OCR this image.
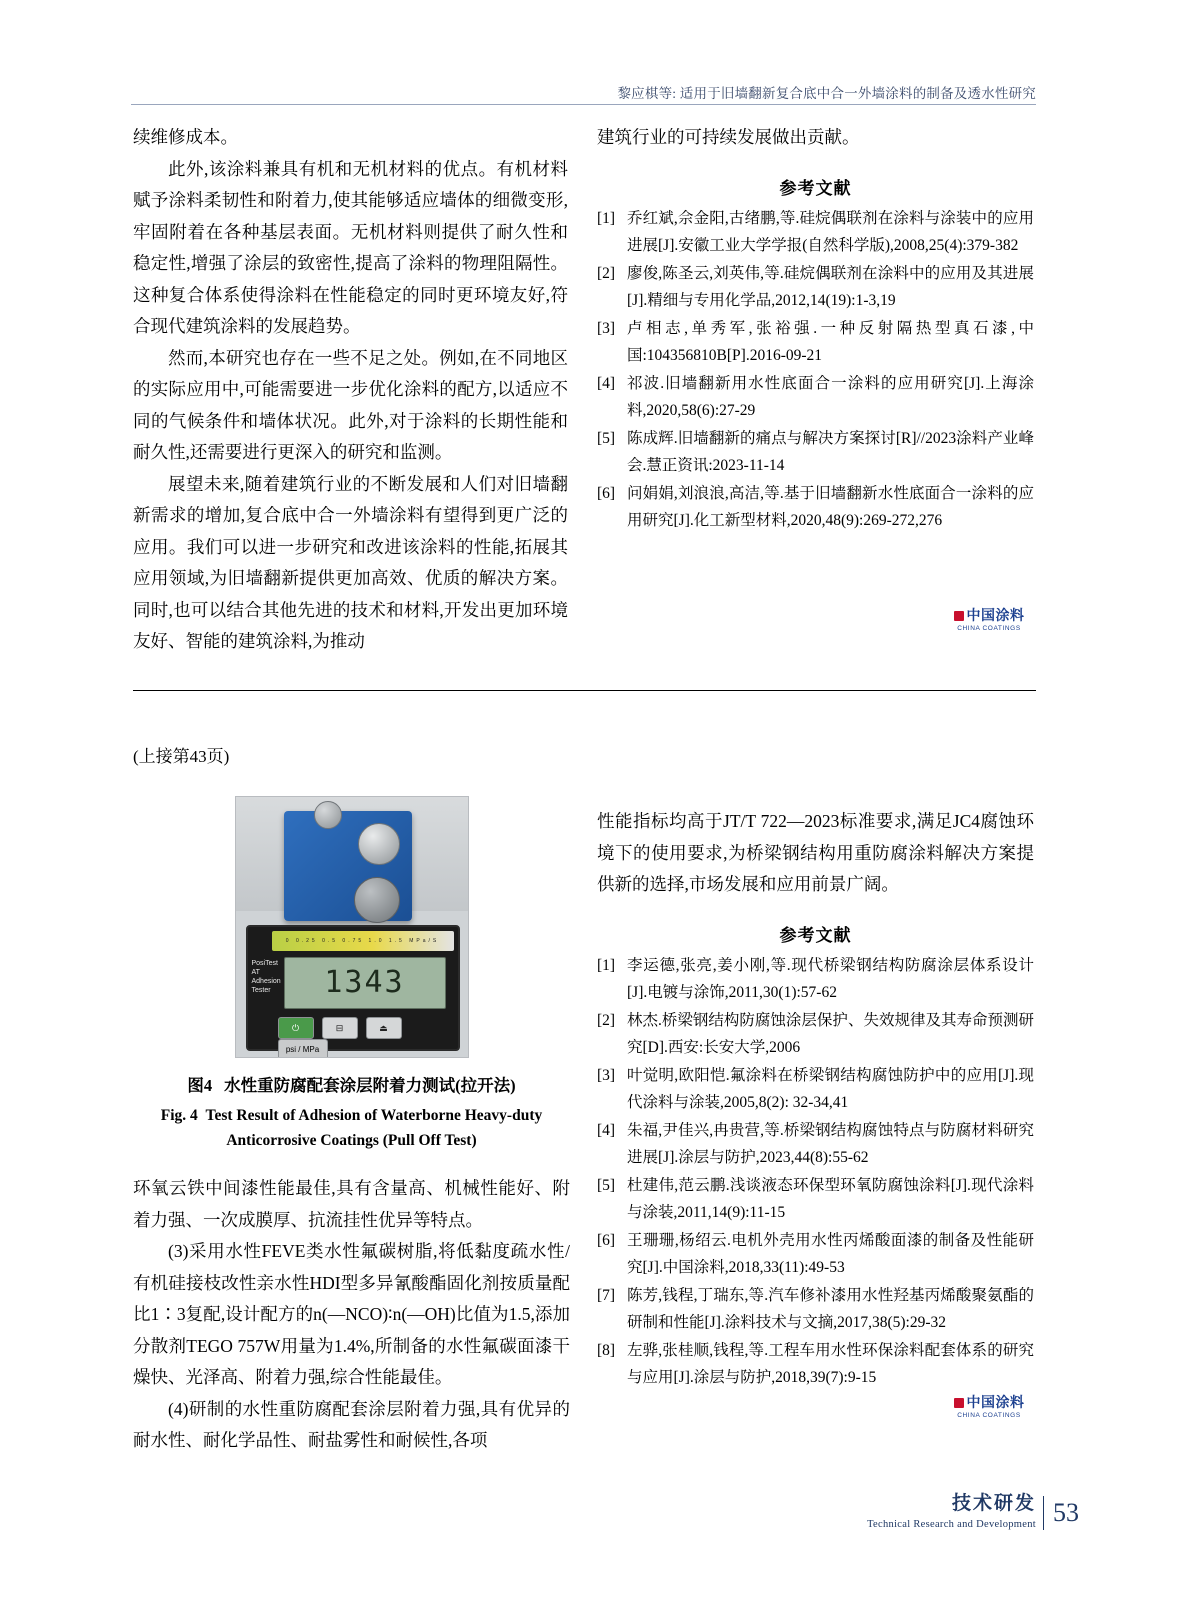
黎应棋等: 适用于旧墙翻新复合底中合一外墙涂料的制备及透水性研究

续维修成本。

此外,该涂料兼具有机和无机材料的优点。有机材料赋予涂料柔韧性和附着力,使其能够适应墙体的细微变形,牢固附着在各种基层表面。无机材料则提供了耐久性和稳定性,增强了涂层的致密性,提高了涂料的物理阻隔性。这种复合体系使得涂料在性能稳定的同时更环境友好,符合现代建筑涂料的发展趋势。

然而,本研究也存在一些不足之处。例如,在不同地区的实际应用中,可能需要进一步优化涂料的配方,以适应不同的气候条件和墙体状况。此外,对于涂料的长期性能和耐久性,还需要进行更深入的研究和监测。

展望未来,随着建筑行业的不断发展和人们对旧墙翻新需求的增加,复合底中合一外墙涂料有望得到更广泛的应用。我们可以进一步研究和改进该涂料的性能,拓展其应用领域,为旧墙翻新提供更加高效、优质的解决方案。同时,也可以结合其他先进的技术和材料,开发出更加环境友好、智能的建筑涂料,为推动

建筑行业的可持续发展做出贡献。

参考文献
[1] 乔红斌,佘金阳,古绪鹏,等.硅烷偶联剂在涂料与涂装中的应用进展[J].安徽工业大学学报(自然科学版),2008,25(4):379-382
[2] 廖俊,陈圣云,刘英伟,等.硅烷偶联剂在涂料中的应用及其进展[J].精细与专用化学品,2012,14(19):1-3,19
[3] 卢相志,单秀军,张裕强.一种反射隔热型真石漆,中国:104356810B[P].2016-09-21
[4] 祁波.旧墙翻新用水性底面合一涂料的应用研究[J].上海涂料,2020,58(6):27-29
[5] 陈成辉.旧墙翻新的痛点与解决方案探讨[R]//2023涂料产业峰会.慧正资讯:2023-11-14
[6] 问娟娟,刘浪浪,高洁,等.基于旧墙翻新水性底面合一涂料的应用研究[J].化工新型材料,2020,48(9):269-272,276
中国涂料
CHINA COATINGS
(上接第43页)
PosiTest
AT
Adhesion Tester
0 0.25 0.5 0.75 1.0 1.5 MPa/S
1343
⏻	⊟	⏏
psi / MPa
图4 水性重防腐配套涂层附着力测试(拉开法)
Fig. 4 Test Result of Adhesion of Waterborne Heavy-duty Anticorrosive Coatings (Pull Off Test)

环氧云铁中间漆性能最佳,具有含量高、机械性能好、附着力强、一次成膜厚、抗流挂性优异等特点。

(3)采用水性FEVE类水性氟碳树脂,将低黏度疏水性/有机硅接枝改性亲水性HDI型多异氰酸酯固化剂按质量配比1∶3复配,设计配方的n(—NCO)∶n(—OH)比值为1.5,添加分散剂TEGO 757W用量为1.4%,所制备的水性氟碳面漆干燥快、光泽高、附着力强,综合性能最佳。

(4)研制的水性重防腐配套涂层附着力强,具有优异的耐水性、耐化学品性、耐盐雾性和耐候性,各项

性能指标均高于JT/T 722—2023标准要求,满足JC4腐蚀环境下的使用要求,为桥梁钢结构用重防腐涂料解决方案提供新的选择,市场发展和应用前景广阔。

参考文献
[1] 李运德,张亮,姜小刚,等.现代桥梁钢结构防腐涂层体系设计[J].电镀与涂饰,2011,30(1):57-62
[2] 林杰.桥梁钢结构防腐蚀涂层保护、失效规律及其寿命预测研究[D].西安:长安大学,2006
[3] 叶觉明,欧阳恺.氟涂料在桥梁钢结构腐蚀防护中的应用[J].现代涂料与涂装,2005,8(2): 32-34,41
[4] 朱福,尹佳兴,冉贵营,等.桥梁钢结构腐蚀特点与防腐材料研究进展[J].涂层与防护,2023,44(8):55-62
[5] 杜建伟,范云鹏.浅谈液态环保型环氧防腐蚀涂料[J].现代涂料与涂装,2011,14(9):11-15
[6] 王珊珊,杨绍云.电机外壳用水性丙烯酸面漆的制备及性能研究[J].中国涂料,2018,33(11):49-53
[7] 陈芳,钱程,丁瑞东,等.汽车修补漆用水性羟基丙烯酸聚氨酯的研制和性能[J].涂料技术与文摘,2017,38(5):29-32
[8] 左骅,张桂顺,钱程,等.工程车用水性环保涂料配套体系的研究与应用[J].涂层与防护,2018,39(7):9-15
中国涂料
CHINA COATINGS
技术研发
Technical Research and Development 53
